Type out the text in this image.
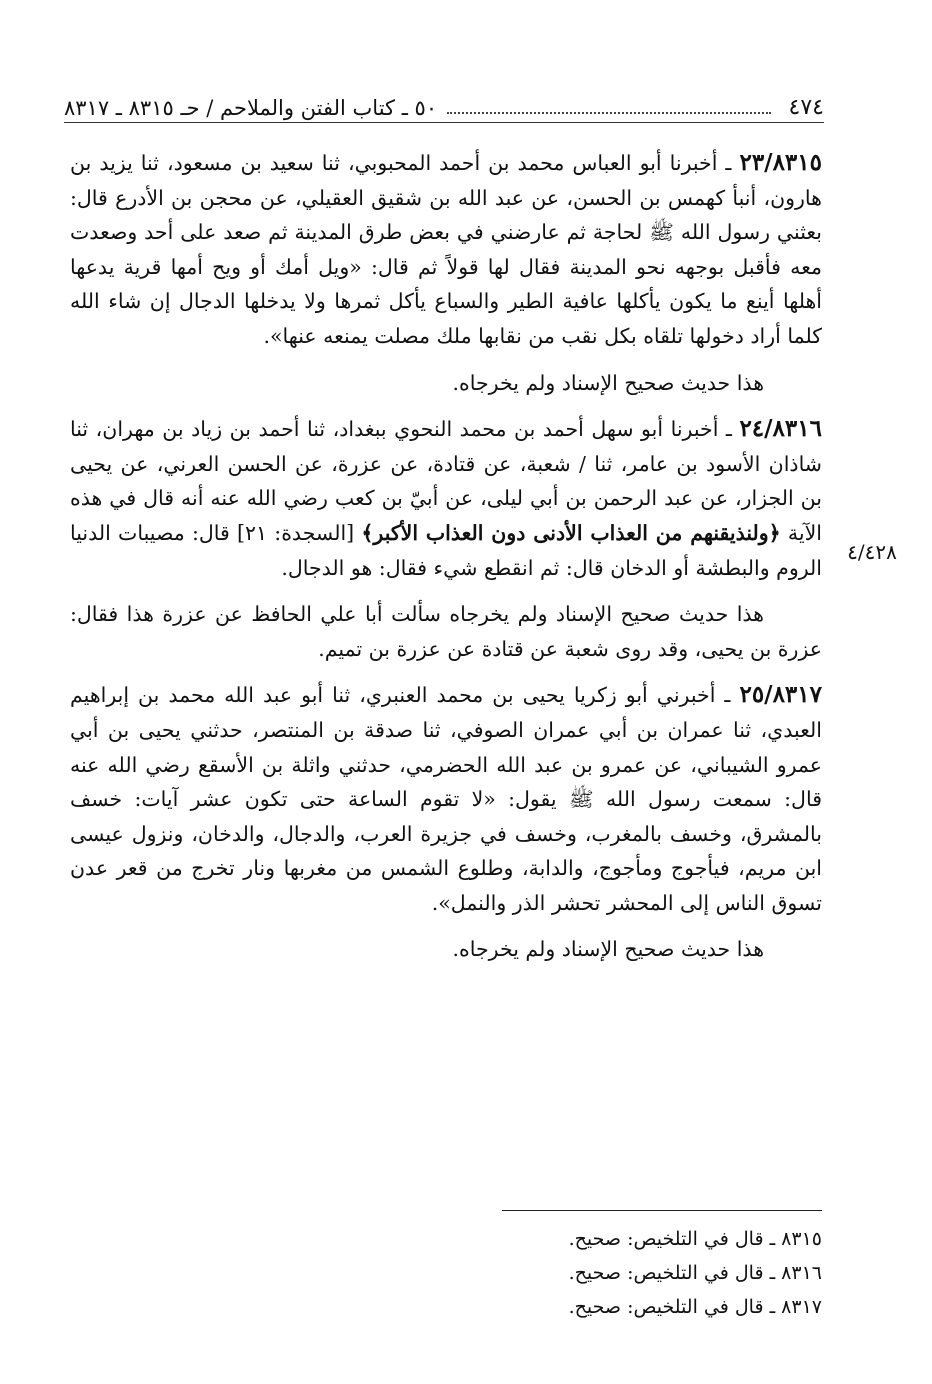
٤٧٤
٥٠ ـ كتاب الفتن والملاحم / حـ ٨٣١٥ ـ ٨٣١٧
٤/٤٢٨

٢٣/٨٣١٥ ـ أخبرنا أبو العباس محمد بن أحمد المحبوبي، ثنا سعيد بن مسعود، ثنا يزيد بن هارون، أنبأ كهمس بن الحسن، عن عبد الله بن شقيق العقيلي، عن محجن بن الأدرع قال: بعثني رسول الله ﷺ لحاجة ثم عارضني في بعض طرق المدينة ثم صعد على أحد وصعدت معه فأقبل بوجهه نحو المدينة فقال لها قولاً ثم قال: «ويل أمك أو ويح أمها قرية يدعها أهلها أينع ما يكون يأكلها عافية الطير والسباع يأكل ثمرها ولا يدخلها الدجال إن شاء الله كلما أراد دخولها تلقاه بكل نقب من نقابها ملك مصلت يمنعه عنها».

هذا حديث صحيح الإسناد ولم يخرجاه.

٢٤/٨٣١٦ ـ أخبرنا أبو سهل أحمد بن محمد النحوي ببغداد، ثنا أحمد بن زياد بن مهران، ثنا شاذان الأسود بن عامر، ثنا / شعبة، عن قتادة، عن عزرة، عن الحسن العرني، عن يحيى بن الجزار، عن عبد الرحمن بن أبي ليلى، عن أبيّ بن كعب رضي الله عنه أنه قال في هذه الآية ﴿ولنذيقنهم من العذاب الأدنى دون العذاب الأكبر﴾ [السجدة: ٢١] قال: مصيبات الدنيا الروم والبطشة أو الدخان قال: ثم انقطع شيء فقال: هو الدجال.

هذا حديث صحيح الإسناد ولم يخرجاه سألت أبا علي الحافظ عن عزرة هذا فقال: عزرة بن يحيى، وقد روى شعبة عن قتادة عن عزرة بن تميم.

٢٥/٨٣١٧ ـ أخبرني أبو زكريا يحيى بن محمد العنبري، ثنا أبو عبد الله محمد بن إبراهيم العبدي، ثنا عمران بن أبي عمران الصوفي، ثنا صدقة بن المنتصر، حدثني يحيى بن أبي عمرو الشيباني، عن عمرو بن عبد الله الحضرمي، حدثني واثلة بن الأسقع رضي الله عنه قال: سمعت رسول الله ﷺ يقول: «لا تقوم الساعة حتى تكون عشر آيات: خسف بالمشرق، وخسف بالمغرب، وخسف في جزيرة العرب، والدجال، والدخان، ونزول عيسى ابن مريم، فيأجوج ومأجوج، والدابة، وطلوع الشمس من مغربها ونار تخرج من قعر عدن تسوق الناس إلى المحشر تحشر الذر والنمل».

هذا حديث صحيح الإسناد ولم يخرجاه.

٨٣١٥ ـ قال في التلخيص: صحيح.
٨٣١٦ ـ قال في التلخيص: صحيح.
٨٣١٧ ـ قال في التلخيص: صحيح.
